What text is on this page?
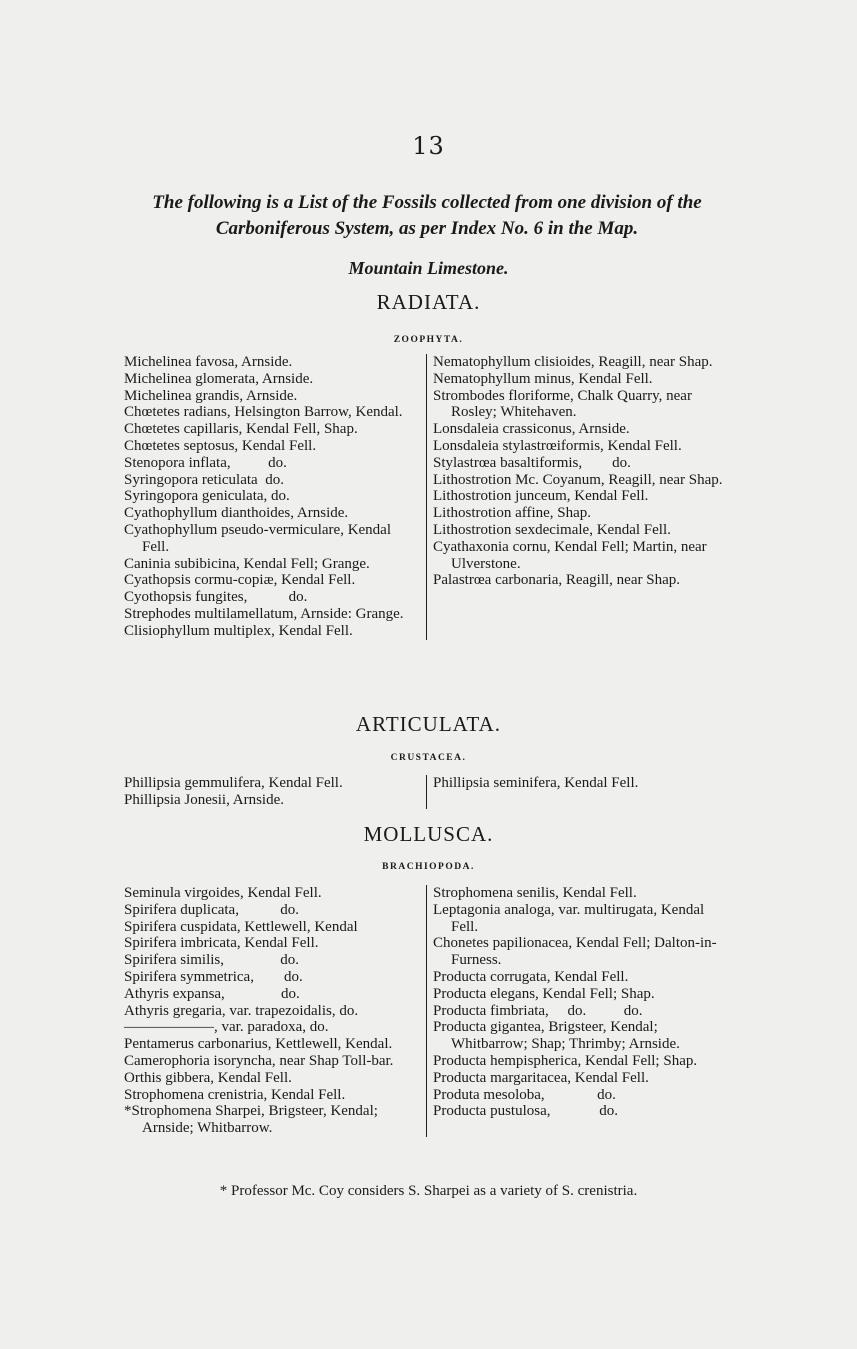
13
The following is a List of the Fossils collected from one division of the Carboniferous System, as per Index No. 6 in the Map.
Mountain Limestone.
RADIATA.
ZOOPHYTA.

Michelinea favosa, Arnside.

Michelinea glomerata, Arnside.

Michelinea grandis, Arnside.

Chœtetes radians, Helsington Barrow, Kendal.

Chœtetes capillaris, Kendal Fell, Shap.

Chœtetes septosus, Kendal Fell.

Stenopora inflata,          do.

Syringopora reticulata  do.

Syringopora geniculata, do.

Cyathophyllum dianthoides, Arnside.

Cyathophyllum pseudo-vermiculare, Kendal Fell.

Caninia subibicina, Kendal Fell; Grange.

Cyathopsis cormu-copiæ, Kendal Fell.

Cyothopsis fungites,           do.

Strephodes multilamellatum, Arnside: Grange.

Clisiophyllum multiplex, Kendal Fell.

Nematophyllum clisioides, Reagill, near Shap.

Nematophyllum minus, Kendal Fell.

Strombodes floriforme, Chalk Quarry, near Rosley; Whitehaven.

Lonsdaleia crassiconus, Arnside.

Lonsdaleia stylastrœiformis, Kendal Fell.

Stylastrœa basaltiformis,        do.

Lithostrotion Mc. Coyanum, Reagill, near Shap.

Lithostrotion junceum, Kendal Fell.

Lithostrotion affine, Shap.

Lithostrotion sexdecimale, Kendal Fell.

Cyathaxonia cornu, Kendal Fell; Martin, near Ulverstone.

Palastrœa carbonaria, Reagill, near Shap.

ARTICULATA.
CRUSTACEA.

Phillipsia gemmulifera, Kendal Fell.

Phillipsia Jonesii, Arnside.

Phillipsia seminifera, Kendal Fell.

MOLLUSCA.
BRACHIOPODA.

Seminula virgoides, Kendal Fell.

Spirifera duplicata,           do.

Spirifera cuspidata, Kettlewell, Kendal

Spirifera imbricata, Kendal Fell.

Spirifera similis,               do.

Spirifera symmetrica,        do.

Athyris expansa,               do.

Athyris gregaria, var. trapezoidalis, do.

——————, var. paradoxa, do.

Pentamerus carbonarius, Kettlewell, Kendal.

Camerophoria isoryncha, near Shap Toll-bar.

Orthis gibbera, Kendal Fell.

Strophomena crenistria, Kendal Fell.

*Strophomena Sharpei, Brigsteer, Kendal; Arnside; Whitbarrow.

Strophomena senilis, Kendal Fell.

Leptagonia analoga, var. multirugata, Kendal Fell.

Chonetes papilionacea, Kendal Fell; Dalton-in-Furness.

Producta corrugata, Kendal Fell.

Producta elegans, Kendal Fell; Shap.

Producta fimbriata,     do.          do.

Producta gigantea, Brigsteer, Kendal; Whitbarrow; Shap; Thrimby; Arnside.

Producta hempispherica, Kendal Fell; Shap.

Producta margaritacea, Kendal Fell.

Produta mesoloba,              do.

Producta pustulosa,             do.

* Professor Mc. Coy considers S. Sharpei as a variety of S. crenistria.
